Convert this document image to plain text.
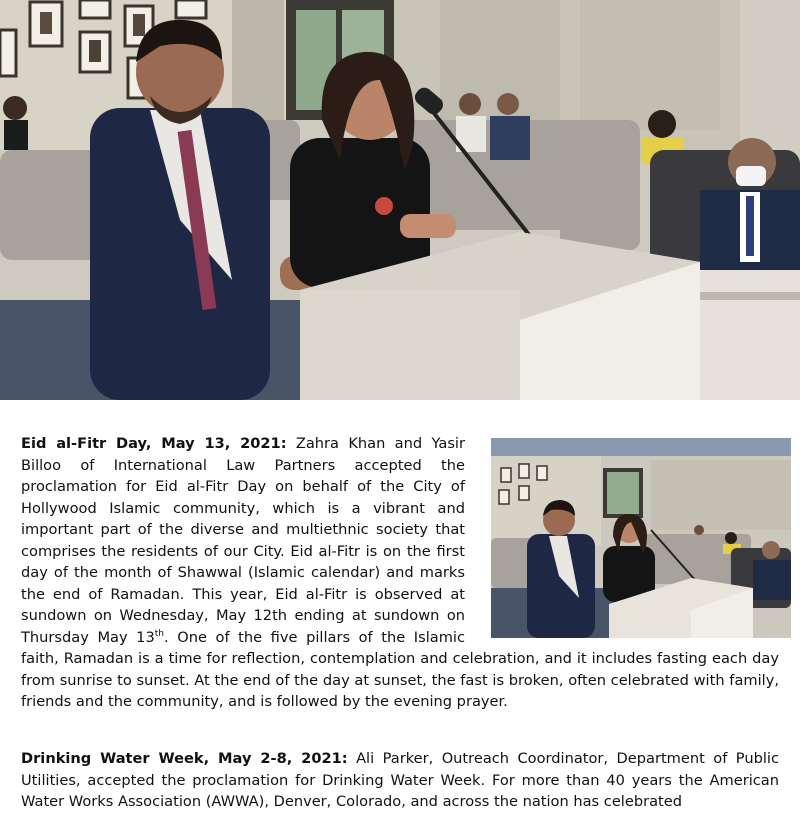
Eid al-Fitr Day, May 13, 2021: Zahra Khan and Yasir Billoo of International Law Partners accepted the proclamation for Eid al-Fitr Day on behalf of the City of Hollywood Islamic community, which is a vibrant and important part of the diverse and multiethnic society that comprises the residents of our City. Eid al-Fitr is on the first day of the month of Shawwal (Islamic calendar) and marks the end of Ramadan. This year, Eid al-Fitr is observed at sundown on Wednesday, May 12th ending at sundown on Thursday May 13th. One of the five pillars of the Islamic faith, Ramadan is a time for reflection, contemplation and celebration, and it includes fasting each day from sunrise to sunset. At the end of the day at sunset, the fast is broken, often celebrated with family, friends and the community, and is followed by the evening prayer.
Drinking Water Week, May 2-8, 2021: Ali Parker, Outreach Coordinator, Department of Public Utilities, accepted the proclamation for Drinking Water Week. For more than 40 years the American Water Works Association (AWWA), Denver, Colorado, and across the nation has celebrated
